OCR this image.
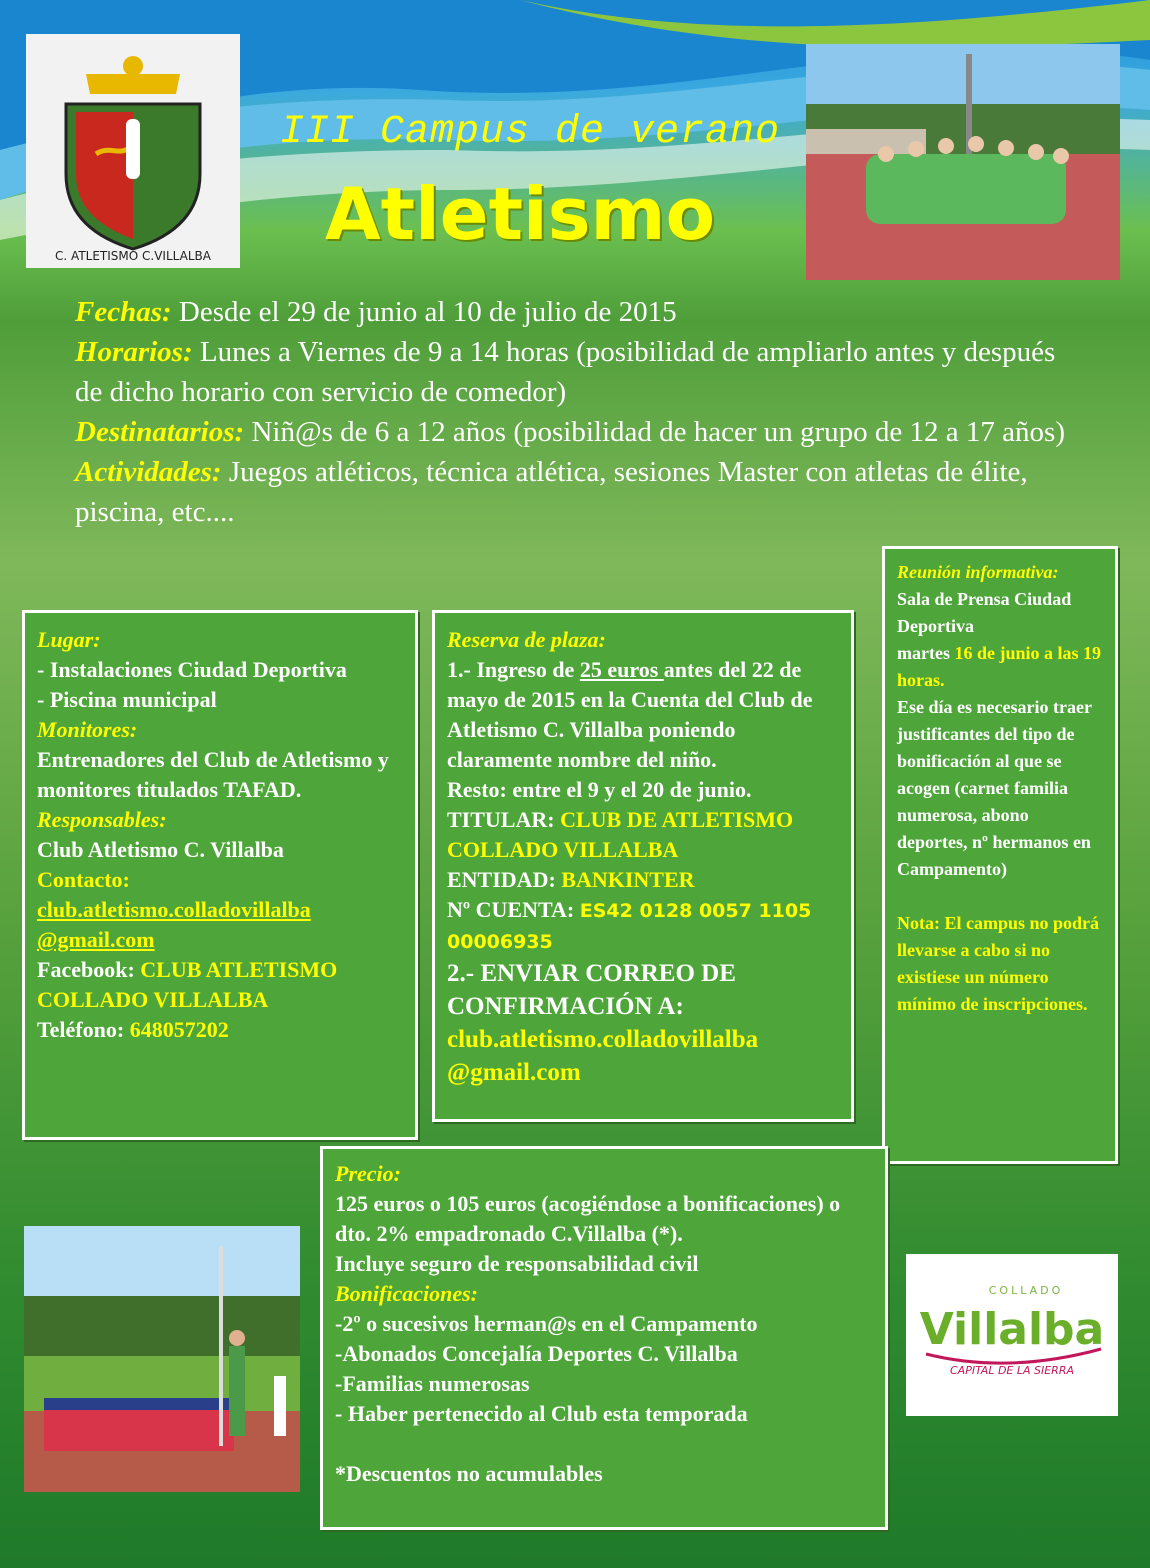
C. ATLETISMO C.VILLALBA
III Campus de verano
Atletismo

Fechas: Desde el 29 de junio al 10 de julio de 2015

Horarios: Lunes a Viernes de 9 a 14 horas (posibilidad de ampliarlo antes y después de dicho horario con servicio de comedor)

Destinatarios: Niñ@s de 6 a 12 años (posibilidad de hacer un grupo de 12 a 17 años)

Actividades: Juegos atléticos, técnica atlética, sesiones Master con atletas de élite, piscina, etc....

Lugar:

- Instalaciones Ciudad Deportiva

- Piscina municipal

Monitores:

Entrenadores del Club de Atletismo y monitores titulados TAFAD.

Responsables:

Club Atletismo C. Villalba

Contacto:

club.atletismo.colladovillalba @gmail.com

Facebook: CLUB ATLETISMO COLLADO VILLALBA

Teléfono: 648057202

Reserva de plaza:

1.- Ingreso de 25 euros antes del 22 de mayo de 2015 en la Cuenta del Club de Atletismo C. Villalba poniendo claramente nombre del niño.

Resto: entre el 9 y el 20 de junio.

TITULAR: CLUB DE ATLETISMO COLLADO VILLALBA

ENTIDAD: BANKINTER

Nº CUENTA: ES42 0128 0057 1105 00006935

2.- ENVIAR CORREO DE CONFIRMACIÓN A:

club.atletismo.colladovillalba @gmail.com

Reunión informativa:

Sala de Prensa Ciudad Deportiva

martes 16 de junio a las 19 horas.

Ese día es necesario traer justificantes del tipo de bonificación al que se acogen (carnet familia numerosa, abono deportes, nº hermanos en Campamento)

Nota: El campus no podrá llevarse a cabo si no existiese un número mínimo de inscripciones.

Precio:

125 euros o 105 euros (acogiéndose a bonificaciones) o dto. 2% empadronado C.Villalba (*).

Incluye seguro de responsabilidad civil

Bonificaciones:

-2º o sucesivos herman@s en el Campamento

-Abonados Concejalía Deportes C. Villalba

-Familias numerosas

- Haber pertenecido al Club esta temporada

*Descuentos no acumulables

COLLADO
Villalba
CAPITAL DE LA SIERRA
